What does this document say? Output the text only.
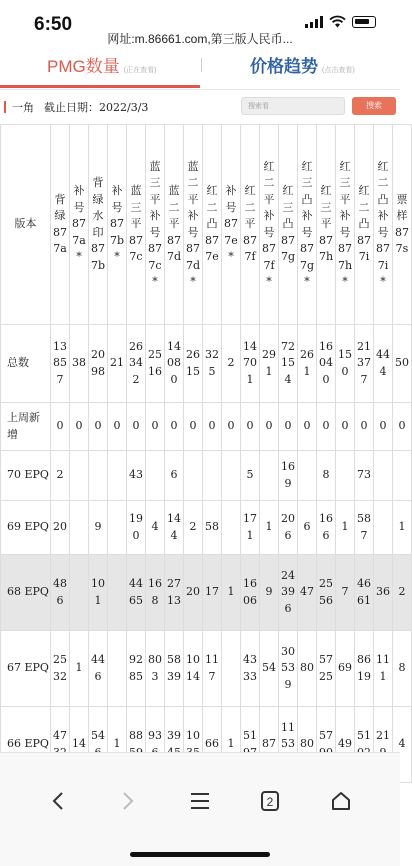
6:50
网址:m.86661.com,第三版人民币...
PMG数量 (正在查看)	价格趋势 (点击查看)
一角 截止日期：2022/3/3	搜索看	搜索
版本	背绿877a	补号877a*	背绿水印877b	补号877b*	蓝三平877c	蓝三平补号877c*	蓝二平877d	蓝二平补号877d*	红二凸877e	补号877e*	红二平877f	红二平补号877f*	红三凸877g	红三凸补号877g*	红三平877h	红三平补号877h*	红二凸877i	红二凸补号877i*	票样877s

总数	13857	38	2098	21	26342	2516	14080	2615	325	2	14701	291	72154	261	16040	150	21377	444	50
上周新增	0	0	0	0	0	0	0	0	0	0	0	0	0	0	0	0	0	0	0
70 EPQ	2				43		6				5		169		8		73		
69 EPQ	20		9		190	4	144	2	58		171	1	206	6	166	1	587		1
68 EPQ	486		101		4465	168	2713	20	17	1	1606	9	24396	47	2556	7	4661	36	2
67 EPQ	2532	1	446		9285	803	5839	1014	117		4333	54	30539	80	5725	69	8619	111	8
66 EPQ	47	14	54	1	88	93	39	10	66	1	51	87	1153	80	57	49	51	21	4
2
